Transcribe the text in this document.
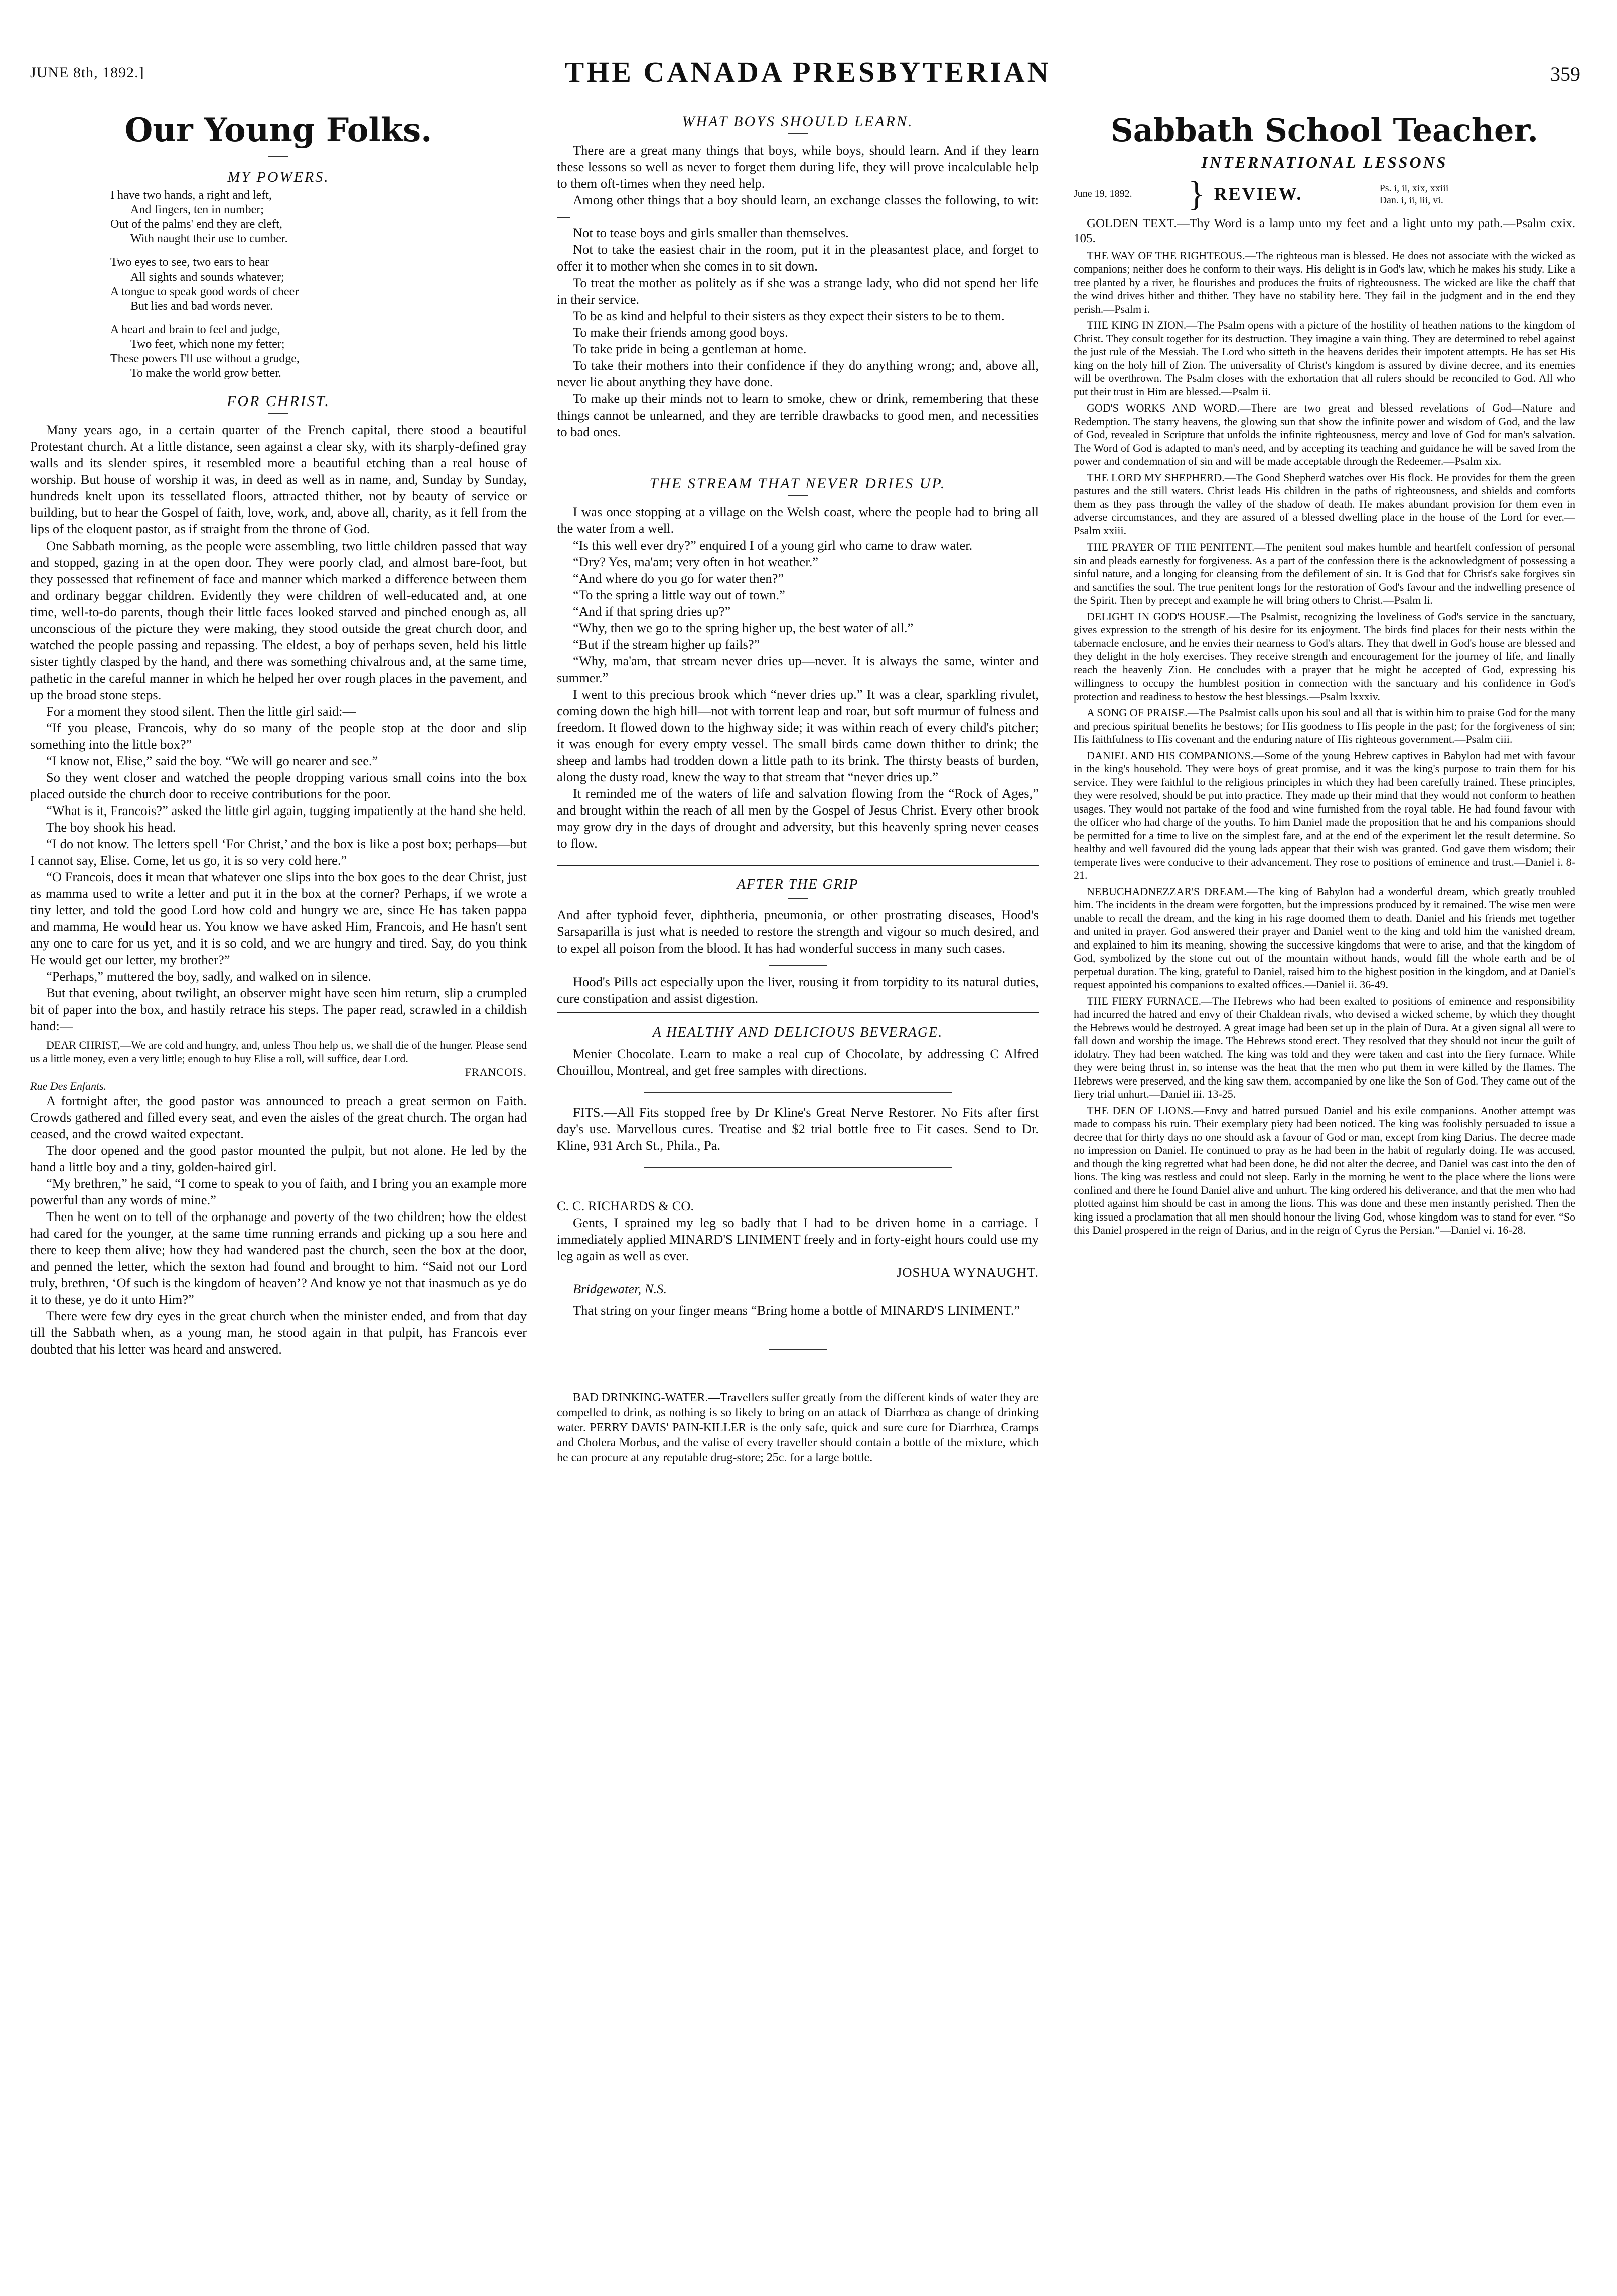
JUNE 8th, 1892.]	THE CANADA PRESBYTERIAN	359
Our Young Folks.
MY POWERS.
I have two hands, a right and left,
And fingers, ten in number;
Out of the palms' end they are cleft,
With naught their use to cumber.
Two eyes to see, two ears to hear
All sights and sounds whatever;
A tongue to speak good words of cheer
But lies and bad words never.
A heart and brain to feel and judge,
Two feet, which none my fetter;
These powers I'll use without a grudge,
To make the world grow better.
FOR CHRIST.

Many years ago, in a certain quarter of the French capital, there stood a beautiful Protestant church. At a little distance, seen against a clear sky, with its sharply-defined gray walls and its slender spires, it resembled more a beautiful etching than a real house of worship. But house of worship it was, in deed as well as in name, and, Sunday by Sunday, hundreds knelt upon its tessellated floors, attracted thither, not by beauty of service or building, but to hear the Gospel of faith, love, work, and, above all, charity, as it fell from the lips of the eloquent pastor, as if straight from the throne of God.

One Sabbath morning, as the people were assembling, two little children passed that way and stopped, gazing in at the open door. They were poorly clad, and almost bare-foot, but they possessed that refinement of face and manner which marked a difference between them and ordinary beggar children. Evidently they were children of well-educated and, at one time, well-to-do parents, though their little faces looked starved and pinched enough as, all unconscious of the picture they were making, they stood outside the great church door, and watched the people passing and repassing. The eldest, a boy of perhaps seven, held his little sister tightly clasped by the hand, and there was something chivalrous and, at the same time, pathetic in the careful manner in which he helped her over rough places in the pavement, and up the broad stone steps.

For a moment they stood silent. Then the little girl said:—

“If you please, Francois, why do so many of the people stop at the door and slip something into the little box?”

“I know not, Elise,” said the boy. “We will go nearer and see.”

So they went closer and watched the people dropping various small coins into the box placed outside the church door to receive contributions for the poor.

“What is it, Francois?” asked the little girl again, tugging impatiently at the hand she held.

The boy shook his head.

“I do not know. The letters spell ‘For Christ,’ and the box is like a post box; perhaps—but I cannot say, Elise. Come, let us go, it is so very cold here.”

“O Francois, does it mean that whatever one slips into the box goes to the dear Christ, just as mamma used to write a letter and put it in the box at the corner? Perhaps, if we wrote a tiny letter, and told the good Lord how cold and hungry we are, since He has taken pappa and mamma, He would hear us. You know we have asked Him, Francois, and He hasn't sent any one to care for us yet, and it is so cold, and we are hungry and tired. Say, do you think He would get our letter, my brother?”

“Perhaps,” muttered the boy, sadly, and walked on in silence.

But that evening, about twilight, an observer might have seen him return, slip a crumpled bit of paper into the box, and hastily retrace his steps. The paper read, scrawled in a childish hand:—

DEAR CHRIST,—We are cold and hungry, and, unless Thou help us, we shall die of the hunger. Please send us a little money, even a very little; enough to buy Elise a roll, will suffice, dear Lord.

FRANCOIS.

Rue Des Enfants.

A fortnight after, the good pastor was announced to preach a great sermon on Faith. Crowds gathered and filled every seat, and even the aisles of the great church. The organ had ceased, and the crowd waited expectant.

The door opened and the good pastor mounted the pulpit, but not alone. He led by the hand a little boy and a tiny, golden-haired girl.

“My brethren,” he said, “I come to speak to you of faith, and I bring you an example more powerful than any words of mine.”

Then he went on to tell of the orphanage and poverty of the two children; how the eldest had cared for the younger, at the same time running errands and picking up a sou here and there to keep them alive; how they had wandered past the church, seen the box at the door, and penned the letter, which the sexton had found and brought to him. “Said not our Lord truly, brethren, ‘Of such is the kingdom of heaven’? And know ye not that inasmuch as ye do it to these, ye do it unto Him?”

There were few dry eyes in the great church when the minister ended, and from that day till the Sabbath when, as a young man, he stood again in that pulpit, has Francois ever doubted that his letter was heard and answered.

WHAT BOYS SHOULD LEARN.

There are a great many things that boys, while boys, should learn. And if they learn these lessons so well as never to forget them during life, they will prove incalculable help to them oft-times when they need help.

Among other things that a boy should learn, an exchange classes the following, to wit:—

Not to tease boys and girls smaller than themselves.

Not to take the easiest chair in the room, put it in the pleasantest place, and forget to offer it to mother when she comes in to sit down.

To treat the mother as politely as if she was a strange lady, who did not spend her life in their service.

To be as kind and helpful to their sisters as they expect their sisters to be to them.

To make their friends among good boys.

To take pride in being a gentleman at home.

To take their mothers into their confidence if they do anything wrong; and, above all, never lie about anything they have done.

To make up their minds not to learn to smoke, chew or drink, remembering that these things cannot be unlearned, and they are terrible drawbacks to good men, and necessities to bad ones.

THE STREAM THAT NEVER DRIES UP.

I was once stopping at a village on the Welsh coast, where the people had to bring all the water from a well.

“Is this well ever dry?” enquired I of a young girl who came to draw water.

“Dry? Yes, ma'am; very often in hot weather.”

“And where do you go for water then?”

“To the spring a little way out of town.”

“And if that spring dries up?”

“Why, then we go to the spring higher up, the best water of all.”

“But if the stream higher up fails?”

“Why, ma'am, that stream never dries up—never. It is always the same, winter and summer.”

I went to this precious brook which “never dries up.” It was a clear, sparkling rivulet, coming down the high hill—not with torrent leap and roar, but soft murmur of fulness and freedom. It flowed down to the highway side; it was within reach of every child's pitcher; it was enough for every empty vessel. The small birds came down thither to drink; the sheep and lambs had trodden down a little path to its brink. The thirsty beasts of burden, along the dusty road, knew the way to that stream that “never dries up.”

It reminded me of the waters of life and salvation flowing from the “Rock of Ages,” and brought within the reach of all men by the Gospel of Jesus Christ. Every other brook may grow dry in the days of drought and adversity, but this heavenly spring never ceases to flow.

AFTER THE GRIP

And after typhoid fever, diphtheria, pneumonia, or other prostrating diseases, Hood's Sarsaparilla is just what is needed to restore the strength and vigour so much desired, and to expel all poison from the blood. It has had wonderful success in many such cases.

Hood's Pills act especially upon the liver, rousing it from torpidity to its natural duties, cure constipation and assist digestion.

A HEALTHY AND DELICIOUS BEVERAGE.

Menier Chocolate. Learn to make a real cup of Chocolate, by addressing C Alfred Chouillou, Montreal, and get free samples with directions.

FITS.—All Fits stopped free by Dr Kline's Great Nerve Restorer. No Fits after first day's use. Marvellous cures. Treatise and $2 trial bottle free to Fit cases. Send to Dr. Kline, 931 Arch St., Phila., Pa.

C. C. RICHARDS & CO.

Gents, I sprained my leg so badly that I had to be driven home in a carriage. I immediately applied MINARD'S LINIMENT freely and in forty-eight hours could use my leg again as well as ever.

JOSHUA WYNAUGHT.

Bridgewater, N.S.

That string on your finger means “Bring home a bottle of MINARD'S LINIMENT.”

BAD DRINKING-WATER.—Travellers suffer greatly from the different kinds of water they are compelled to drink, as nothing is so likely to bring on an attack of Diarrhœa as change of drinking water. PERRY DAVIS' PAIN-KILLER is the only safe, quick and sure cure for Diarrhœa, Cramps and Cholera Morbus, and the valise of every traveller should contain a bottle of the mixture, which he can procure at any reputable drug-store; 25c. for a large bottle.

Sabbath School Teacher.
INTERNATIONAL LESSONS
June 19, 1892.	} REVIEW.	Ps. i, ii, xix, xxiii
Dan. i, ii, iii, vi.

GOLDEN TEXT.—Thy Word is a lamp unto my feet and a light unto my path.—Psalm cxix. 105.

THE WAY OF THE RIGHTEOUS.—The righteous man is blessed. He does not associate with the wicked as companions; neither does he conform to their ways. His delight is in God's law, which he makes his study. Like a tree planted by a river, he flourishes and produces the fruits of righteousness. The wicked are like the chaff that the wind drives hither and thither. They have no stability here. They fail in the judgment and in the end they perish.—Psalm i.

THE KING IN ZION.—The Psalm opens with a picture of the hostility of heathen nations to the kingdom of Christ. They consult together for its destruction. They imagine a vain thing. They are determined to rebel against the just rule of the Messiah. The Lord who sitteth in the heavens derides their impotent attempts. He has set His king on the holy hill of Zion. The universality of Christ's kingdom is assured by divine decree, and its enemies will be overthrown. The Psalm closes with the exhortation that all rulers should be reconciled to God. All who put their trust in Him are blessed.—Psalm ii.

GOD'S WORKS AND WORD.—There are two great and blessed revelations of God—Nature and Redemption. The starry heavens, the glowing sun that show the infinite power and wisdom of God, and the law of God, revealed in Scripture that unfolds the infinite righteousness, mercy and love of God for man's salvation. The Word of God is adapted to man's need, and by accepting its teaching and guidance he will be saved from the power and condemnation of sin and will be made acceptable through the Redeemer.—Psalm xix.

THE LORD MY SHEPHERD.—The Good Shepherd watches over His flock. He provides for them the green pastures and the still waters. Christ leads His children in the paths of righteousness, and shields and comforts them as they pass through the valley of the shadow of death. He makes abundant provision for them even in adverse circumstances, and they are assured of a blessed dwelling place in the house of the Lord for ever.—Psalm xxiii.

THE PRAYER OF THE PENITENT.—The penitent soul makes humble and heartfelt confession of personal sin and pleads earnestly for forgiveness. As a part of the confession there is the acknowledgment of possessing a sinful nature, and a longing for cleansing from the defilement of sin. It is God that for Christ's sake forgives sin and sanctifies the soul. The true penitent longs for the restoration of God's favour and the indwelling presence of the Spirit. Then by precept and example he will bring others to Christ.—Psalm li.

DELIGHT IN GOD'S HOUSE.—The Psalmist, recognizing the loveliness of God's service in the sanctuary, gives expression to the strength of his desire for its enjoyment. The birds find places for their nests within the tabernacle enclosure, and he envies their nearness to God's altars. They that dwell in God's house are blessed and they delight in the holy exercises. They receive strength and encouragement for the journey of life, and finally reach the heavenly Zion. He concludes with a prayer that he might be accepted of God, expressing his willingness to occupy the humblest position in connection with the sanctuary and his confidence in God's protection and readiness to bestow the best blessings.—Psalm lxxxiv.

A SONG OF PRAISE.—The Psalmist calls upon his soul and all that is within him to praise God for the many and precious spiritual benefits he bestows; for His goodness to His people in the past; for the forgiveness of sin; His faithfulness to His covenant and the enduring nature of His righteous government.—Psalm ciii.

DANIEL AND HIS COMPANIONS.—Some of the young Hebrew captives in Babylon had met with favour in the king's household. They were boys of great promise, and it was the king's purpose to train them for his service. They were faithful to the religious principles in which they had been carefully trained. These principles, they were resolved, should be put into practice. They made up their mind that they would not conform to heathen usages. They would not partake of the food and wine furnished from the royal table. He had found favour with the officer who had charge of the youths. To him Daniel made the proposition that he and his companions should be permitted for a time to live on the simplest fare, and at the end of the experiment let the result determine. So healthy and well favoured did the young lads appear that their wish was granted. God gave them wisdom; their temperate lives were conducive to their advancement. They rose to positions of eminence and trust.—Daniel i. 8-21.

NEBUCHADNEZZAR'S DREAM.—The king of Babylon had a wonderful dream, which greatly troubled him. The incidents in the dream were forgotten, but the impressions produced by it remained. The wise men were unable to recall the dream, and the king in his rage doomed them to death. Daniel and his friends met together and united in prayer. God answered their prayer and Daniel went to the king and told him the vanished dream, and explained to him its meaning, showing the successive kingdoms that were to arise, and that the kingdom of God, symbolized by the stone cut out of the mountain without hands, would fill the whole earth and be of perpetual duration. The king, grateful to Daniel, raised him to the highest position in the kingdom, and at Daniel's request appointed his companions to exalted offices.—Daniel ii. 36-49.

THE FIERY FURNACE.—The Hebrews who had been exalted to positions of eminence and responsibility had incurred the hatred and envy of their Chaldean rivals, who devised a wicked scheme, by which they thought the Hebrews would be destroyed. A great image had been set up in the plain of Dura. At a given signal all were to fall down and worship the image. The Hebrews stood erect. They resolved that they should not incur the guilt of idolatry. They had been watched. The king was told and they were taken and cast into the fiery furnace. While they were being thrust in, so intense was the heat that the men who put them in were killed by the flames. The Hebrews were preserved, and the king saw them, accompanied by one like the Son of God. They came out of the fiery trial unhurt.—Daniel iii. 13-25.

THE DEN OF LIONS.—Envy and hatred pursued Daniel and his exile companions. Another attempt was made to compass his ruin. Their exemplary piety had been noticed. The king was foolishly persuaded to issue a decree that for thirty days no one should ask a favour of God or man, except from king Darius. The decree made no impression on Daniel. He continued to pray as he had been in the habit of regularly doing. He was accused, and though the king regretted what had been done, he did not alter the decree, and Daniel was cast into the den of lions. The king was restless and could not sleep. Early in the morning he went to the place where the lions were confined and there he found Daniel alive and unhurt. The king ordered his deliverance, and that the men who had plotted against him should be cast in among the lions. This was done and these men instantly perished. Then the king issued a proclamation that all men should honour the living God, whose kingdom was to stand for ever. “So this Daniel prospered in the reign of Darius, and in the reign of Cyrus the Persian.”—Daniel vi. 16-28.
